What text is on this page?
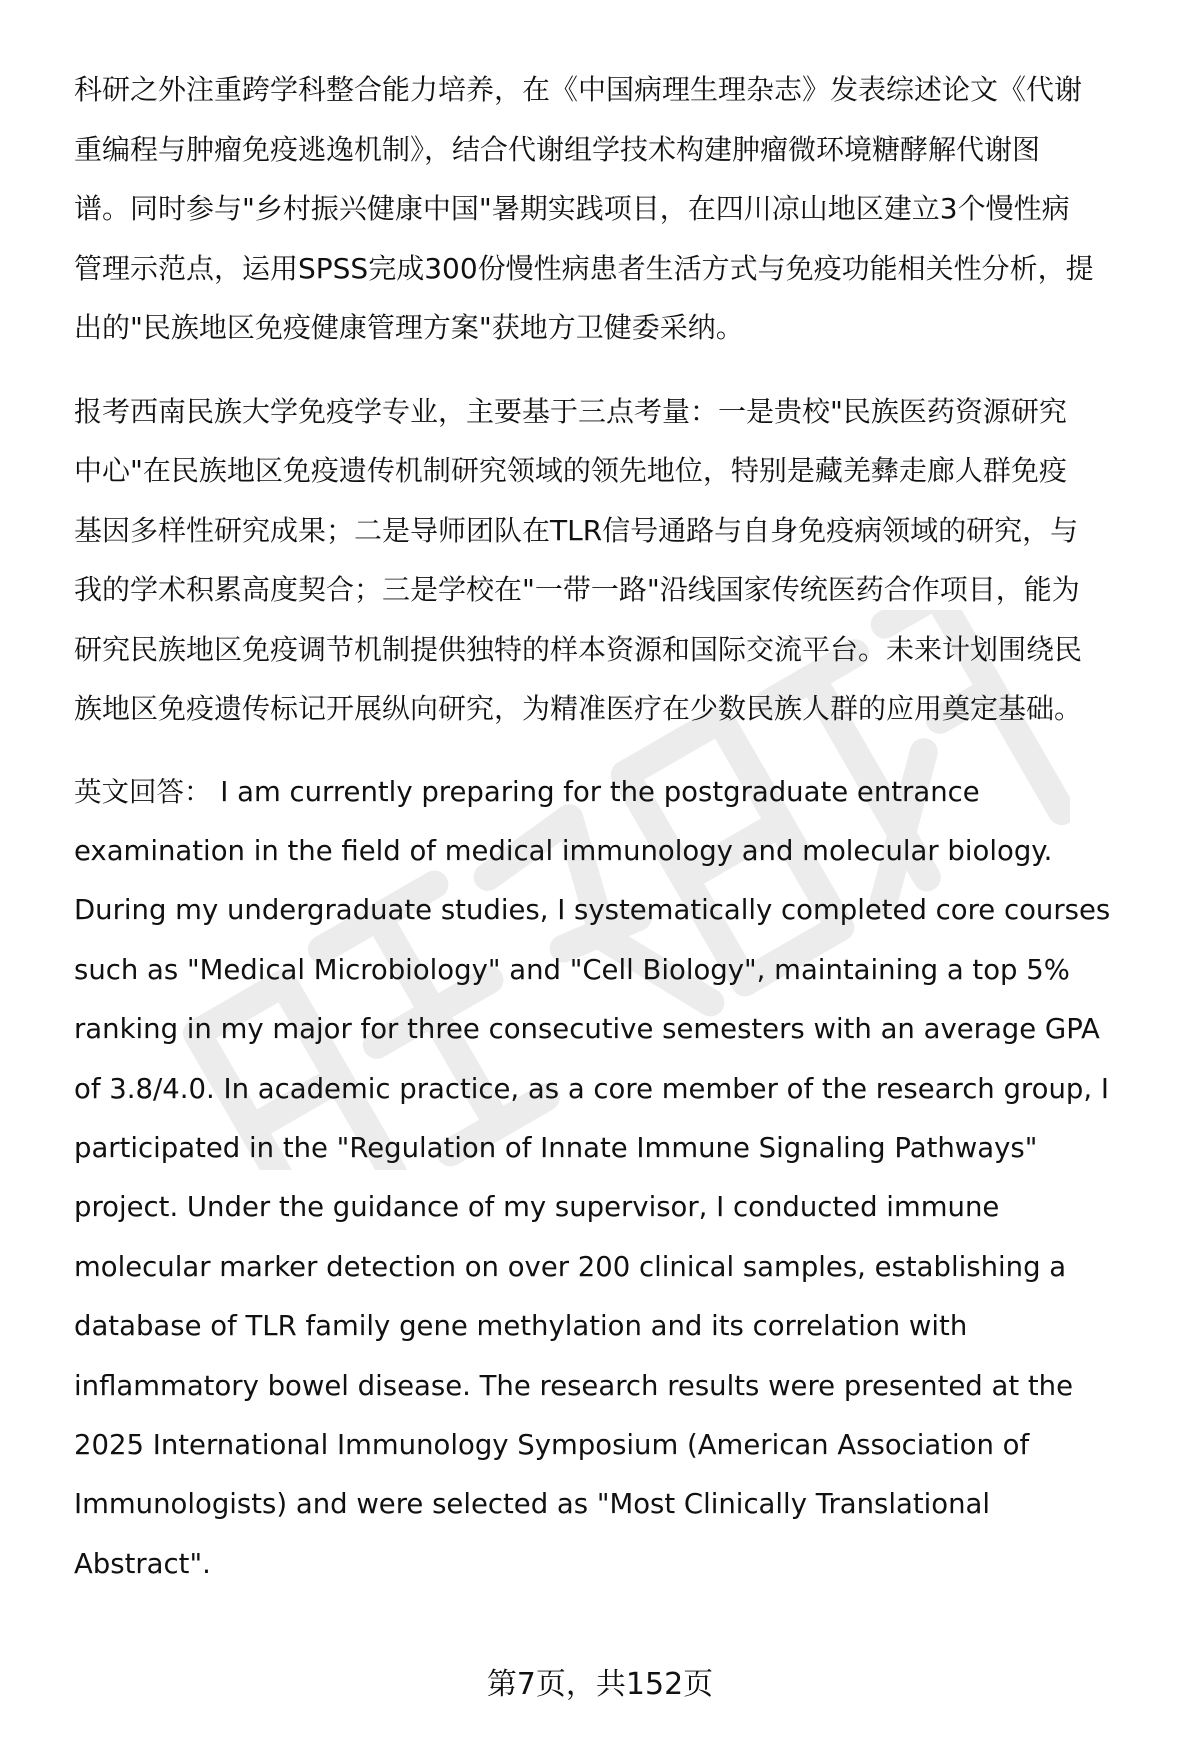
科研之外注重跨学科整合能力培养，在《中国病理生理杂志》发表综述论文《代谢
重编程与肿瘤免疫逃逸机制》，结合代谢组学技术构建肿瘤微环境糖酵解代谢图
谱。同时参与"乡村振兴健康中国"暑期实践项目，在四川凉山地区建立3个慢性病
管理示范点，运用SPSS完成300份慢性病患者生活方式与免疫功能相关性分析，提
出的"民族地区免疫健康管理方案"获地方卫健委采纳。

报考西南民族大学免疫学专业，主要基于三点考量：一是贵校"民族医药资源研究
中心"在民族地区免疫遗传机制研究领域的领先地位，特别是藏羌彝走廊人群免疫
基因多样性研究成果；二是导师团队在TLR信号通路与自身免疫病领域的研究，与
我的学术积累高度契合；三是学校在"一带一路"沿线国家传统医药合作项目，能为
研究民族地区免疫调节机制提供独特的样本资源和国际交流平台。未来计划围绕民
族地区免疫遗传标记开展纵向研究，为精准医疗在少数民族人群的应用奠定基础。

英文回答： I am currently preparing for the postgraduate entrance
examination in the field of medical immunology and molecular biology.
During my undergraduate studies, I systematically completed core courses
such as "Medical Microbiology" and "Cell Biology", maintaining a top 5%
ranking in my major for three consecutive semesters with an average GPA
of 3.8/4.0. In academic practice, as a core member of the research group, I
participated in the "Regulation of Innate Immune Signaling Pathways"
project. Under the guidance of my supervisor, I conducted immune
molecular marker detection on over 200 clinical samples, establishing a
database of TLR family gene methylation and its correlation with
inflammatory bowel disease. The research results were presented at the
2025 International Immunology Symposium (American Association of
Immunologists) and were selected as "Most Clinically Translational
Abstract".

第7页，共152页
